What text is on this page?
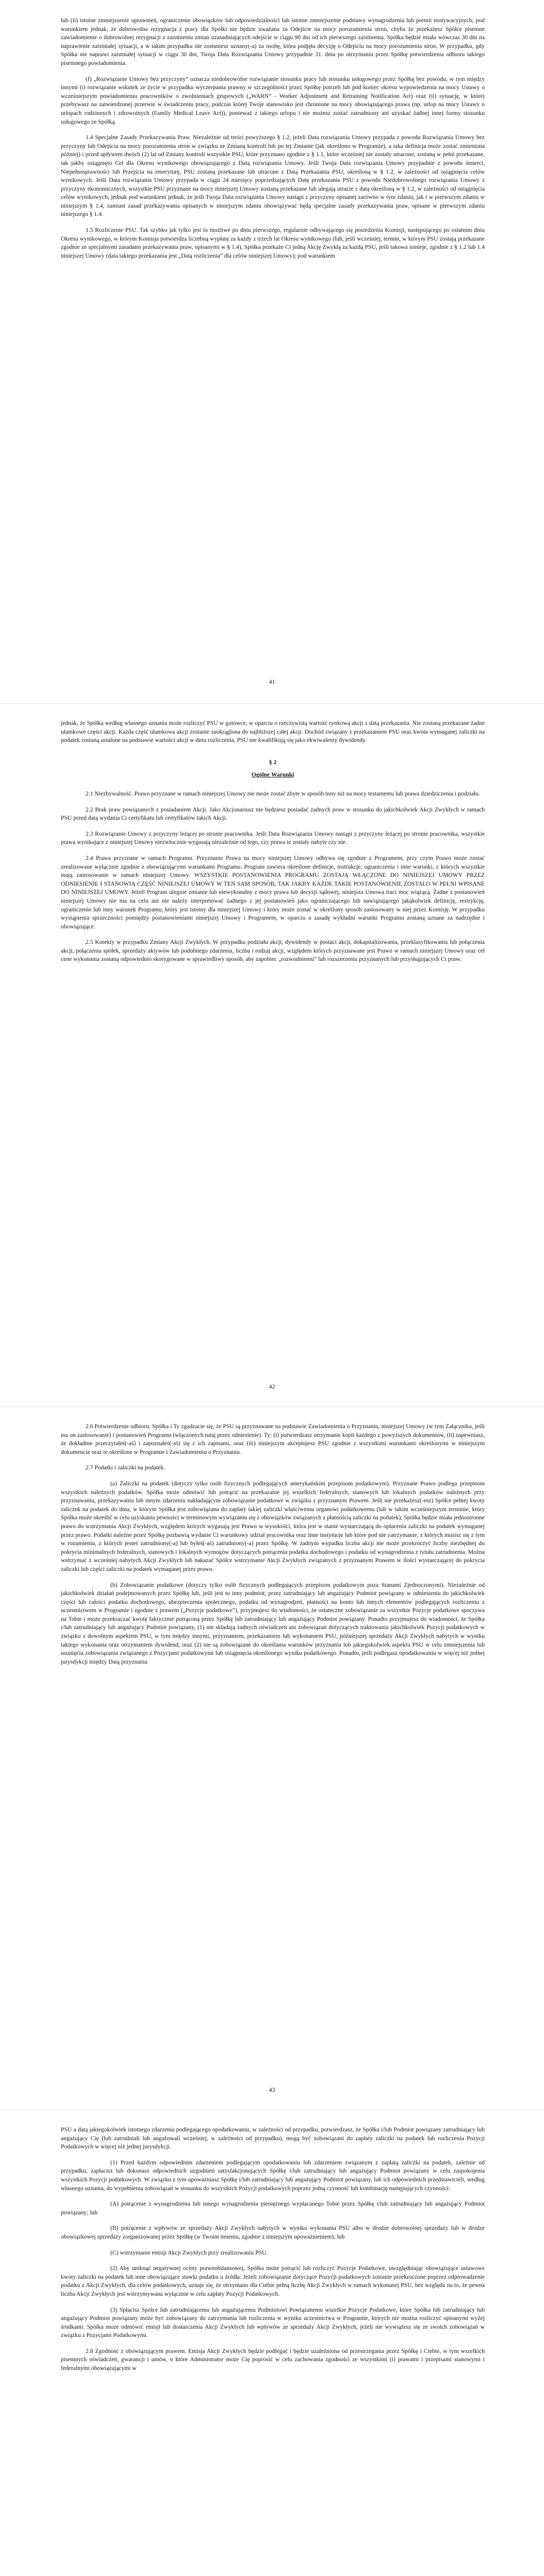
lub (ii) istotne zmniejszenie uprawnień, ograniczenie obowiązków lub odpowiedzialności lub istotne zmniejszenie podstawy wynagrodzenia lub premii motywacyjnych; pod warunkiem jednak, że dobrowolna rezygnacja z pracy dla Spółki nie będzie uważana za Odejście na mocy porozumienia stron, chyba że przekażesz Spółce pisemne zawiadomienie o dobrowolnej rezygnacji z zaistnieniu zmian uzasadniających odejście w ciągu 90 dni od ich pierwszego zaistnienia. Spółka będzie miała wówczas 30 dni na naprawienie zaistniałej sytuacji, a w takim przypadku nie zostaniesz uznany(-a) za osobę, która podjęła decyzję o Odejściu na mocy porozumienia stron. W przypadku, gdy Spółka nie naprawi zaistniałej sytuacji w ciągu 30 dni, Twoja Data Rozwiązania Umowy przypadnie 31. dnia po otrzymaniu przez Spółkę potwierdzenia odbioru takiego pisemnego powiadomienia.

(f) „Rozwiązanie Umowy bez przyczyny” oznacza niedobrowolne rozwiązanie stosunku pracy lub stosunku usługowego przez Spółkę bez powodu, w tym między innymi (i) rozwiązanie wskutek ze życie w przypadku wyczerpania prawny w szczególności przez Spółkę potrzeb lub pod koniec okresu wypowiedzenia na mocy Ustawy o wcześniejszym powiadomieniu pracowników o zwolnieniach grupowych („WARN” - Worker Adjustment and Retraining Notification Act) oraz (ii) sytuację, w której przebywasz na zatwierdzonej przerwie w świadczeniu pracy, podczas której Twoje stanowisko jest chronione na mocy obowiązującego prawa (np. urlop na mocy Ustawy o urlopach rodzinnych i zdrowotnych (Family Medical Leave Act)), ponieważ z takiego urlopu i nie możesz zostać zatrudniony ani uzyskać żadnej innej formy stosunku usługowego ze Spółką.

1.4 Specjalne Zasady Przekazywania Praw. Niezależnie od treści powyższego § 1.2, jeżeli Data rozwiązania Umowy przypada z powodu Rozwiązania Umowy bez przyczyny lub Odejścia na mocy porozumienia stron w związku ze Zmianą kontroli lub po tej Zmianie (jak określono w Programie), a taka definicja może zostać zmieniona później) i przed upływem dwóch (2) lat od Zmiany kontroli wszystkie PSU, które przyznano zgodnie z § 1.1, które wcześniej nie zostały utracone, zostaną w pełni przekazane, tak jakby osiągnięto Cel dla Okresu wynikowego obowiązującego z Datą rozwiązania Umowy. Jeśli Twoja Data rozwiązania Umowy przypadnie z powodu śmierci, Niepełnosprawności lub Przejścia na emeryturę, PSU zostaną przekazane lub utracone z Datą Przekazania PSU, określoną w § 1.2, w zależności od osiągnięcia celów wynikowych. Jeśli Data rozwiązania Umowy przypada w ciągu 24 miesięcy poprzedzających Datę przekazania PSU z powodu Niedobrowolnego rozwiązania Umowy z przyczyny ekonomicznych, wszystkie PSU przyznane na mocy niniejszej Umowy zostaną przekazane lub ulegają utracie z datą określoną w § 1.2, w zależności od osiągnięcia celów wynikowych; jednak pod warunkiem jednak, że jeśli Twoja Data rozwiązania Umowy nastąpi z przyczyny opisanej zarówno w tym zdaniu, jak i w pierwszym zdaniu w niniejszym § 1.4, zamiast zasad przekazywania opisanych w niniejszym zdaniu obowiązywać będą specjalne zasady przekazywania praw, opisane w pierwszym zdaniu niniejszego § 1.4.

1.5 Rozliczenie PSU. Tak szybko jak tylko jest to możliwe po dniu pierwszego, regularnie odbywającego się posiedzenia Komisji, następującego po ostatnim dniu Okresu wynikowego, w którym Komisja potwierdza liczebną wypłatę za każdy z trzech lat Okresu wynikowego (lub, jeśli wcześniej, termin, w którym PSU zostają przekazane zgodnie ze specjalnymi zasadami przekazywania praw, opisanymi w § 1.4), Spółka przekaże Ci jedną Akcję Zwykłą za każdą PSU, jeśli takowa istnieje, zgodnie z § 1.2 lub 1.4 niniejszej Umowy (data takiego przekazania jest „Datą rozliczenia” dla celów niniejszej Umowy); pod warunkiem

41

jednak, że Spółka według własnego uznania może rozliczyć PSU w gotówce, w oparciu o rzeczywistą wartość rynkową akcji z datą przekazania. Nie zostaną przekazane żadne ułamkowe części akcji. Każda część ułamkowa akcji zostanie zaokrąglona do najbliższej całej akcji. Dochód związany z przekazaniem PSU oraz kwota wymaganej zaliczki na podatek zostaną ustalone na podstawie wartości akcji w dniu rozliczenia, PSU nie kwalifikują się jako ekwiwalenty dywidendy.

§ 2
Ogólne Warunki

2.1 Niezbywalność. Prawo przyznane w ramach niniejszej Umowy nie może zostać zbyte w sposób inny niż na mocy testamentu lub prawa dziedziczenia i podziału.

2.2 Brak praw powiązanych z posiadaniem Akcji. Jako Akcjonariusz nie będziesz posiadać żadnych praw w stosunku do jakichkolwiek Akcji Zwykłych w ramach PSU przed datą wydania Ci certyfikatu lub certyfikatów takich Akcji.

2.3 Rozwiązanie Umowy z przyczyny leżącej po stronie pracownika. Jeśli Data Rozwiązania Umowy nastąpi z przyczyny leżącej po stronie pracownika, wszystkie prawa wynikające z niniejszej Umowy niezwłocznie wygasają niezależnie od tego, czy prawa te zostały nabyte czy nie.

2.4 Prawa przyznane w ramach Programu. Przyznanie Prawa na mocy niniejszej Umowy odbywa się zgodnie z Programem, przy czym Prawo może zostać zrealizowane wyłącznie zgodnie z obowiązującymi warunkami Programu. Program zawiera określone definicje, instrukcje, ograniczenia i inne warunki, z których wszystkie mają zastosowanie w ramach niniejszej Umowy. WSZYSTKIE POSTANOWIENIA PROGRAMU ZOSTAJĄ WŁĄCZONE DO NINIEJSZEJ UMOWY PRZEZ ODNIESIENIE I STANOWIĄ CZĘŚĆ NINIEJSZEJ UMOWY W TEN SAM SPOSÓB, TAK JAKBY KAŻDE TAKIE POSTANOWIENIE ZOSTAŁO W PEŁNI WPISANE DO NINIEJSZEJ UMOWY. Jeżeli Program ulegnie zmianie lub niewykonalny z mocy prawa lub decyzji sądowej, niniejsza Umowa traci moc wiążącą. Żadne z postanowień niniejszej Umowy nie ma na celu ani nie należy interpretować żadnego z jej postanowień jako ograniczającego lub nawiązującego jakąkolwiek definicję, restrykcję, ograniczenie lub inny warunek Programu, który jest istotny dla niniejszej Umowy i który może zostać w określony sposób zastosowany w niej przez Komisję. W przypadku wystąpienia sprzeczności pomiędzy postanowieniami niniejszej Umowy i Programem, w oparciu o zasadę wykładni warunki Programu zostaną uznane za nadrzędne i obowiązujące.

2.5 Korekty w przypadku Zmiany Akcji Zwykłych. W przypadku podziału akcji, dywidendy w postaci akcji, dokapitalizowania, przeklasyfikowania lub połączenia akcji, połączenia spółek, sprzedaży aktywów lub podobnego zdarzenia, liczba i rodzaj akcji, względem których przyznawane jest Prawo w ramach niniejszej Umowy oraz ceł cene wykonania zostaną odpowiednio skorygowane w sprawiedliwy sposób, aby zapobiec „rozwodnieniu” lub rozszerzeniu przyznanych lub przysługujących Ci praw.

42

2.6 Potwierdzenie odbioru. Spółka i Ty zgadzacie się, że PSU są przyznawane na podstawie Zawiadomienia o Przyznaniu, niniejszej Umowy (w tym Załącznika, jeśli ma on zastosowanie) i postanowień Programu (włączonych tutaj przez odniesienie). Ty: (i) potwierdzasz otrzymanie kopii każdego z powyższych dokumentów, (ii) zapewniasz, że dokładnie przeczytałeś(-aś) i zapoznałeś(-aś) się z ich zapisami, oraz (iii) niniejszym akceptujesz PSU zgodnie z wszystkimi warunkami określonymi w niniejszym dokumencie oraz te określone w Programie i Zawiadomieniu o Przyznaniu.

2.7 Podatki i zaliczki na podatek.

(a) Zaliczki na podatek (dotyczy tylko osób fizycznych podlegających amerykańskim przepisom podatkowym). Przyznane Prawo podlega przepisom wszystkich należnych podatków. Spółka może odmówić lub potrącić na przekazanie jej wszelkich federalnych, stanowych lub lokalnych podatków należnych przy przyznawaniu, przekazywaniu lub innym zdarzeniu nakładającym zobowiązanie podatkowe w związku z przyznanym Prawem. Jeśli nie przekażesz(-esz) Spółce pełnej kwoty zaliczek na podatek do dnia, w którym Spółka jest zobowiązana do zapłaty takiej zaliczki właściwemu organowi podatkowemu (lub w takim wcześniejszym terminie, który Spółka może określić w celu uzyskania pewności w terminowym wywiązaniu się z obowiązków związanych z płatnością zaliczki na podatek), Spółka będzie miała jednostronne prawo do wstrzymania Akcji Zwykłych, względem których wygasają jest Prawo w wysokości, która jest w stanie wystarczającą do opłacenia zaliczki na podatek wymaganej przez prawo. Podatki należne przez Spółkę pozbawią wydanie Ci warunkowy udział pracownika oraz inne instytucje lub które pod nie zatrzymanie, z których musisz się z tym w rozumieniu, z których jesteś zatrudniony(-a) lub byłeś(-aś) zatrudniony(-a) przez Spółkę. W żadnym wypadku liczba akcji nie może przekroczyć liczby niezbędnej do pokrycia minimalnych federalnych, stanowych i lokalnych wymogów dotyczących potrącenia podatku dochodowego i podatku od wynagrodzenia z tytułu zatrudnienia. Można wstrzymać z wcześniej nabytych Akcji Zwykłych lub nakazać Spółce wstrzymanie Akcji Zwykłych związanych z przyznanym Prawem w ilości wystarczającej do pokrycia zaliczki lub części zaliczki na podatek wymaganej przez prawo.

(b) Zobowiązanie podatkowe (dotyczy tylko osób fizycznych podlegających przepisom podatkowym poza Stanami Zjednoczonymi). Niezależnie od jakichkolwiek działań podejmowanych przez Spółkę lub, jeśli jest to inny podmiot, przez zatrudniający lub angażujący Podmiot powiązany w odniesieniu do jakichkolwiek części lub całości podatku dochodowego, ubezpieczenia społecznego, podatku od wynagrodzeń, płatności na konto lub innych elementów podlegających rozliczeniu z uczestnictwem w Programie i zgodnie z prawem („Pozycje podatkowe”), przyjmujesz do wiadomości, że ostateczne zobowiązanie za wszystkie Pozycje podatkowe spoczywa na Tobie i może przekraczać kwotę faktycznie potrąconą przez Spółkę lub zatrudniający lub angażujący Podmiot powiązany. Ponadto przyjmujesz do wiadomości, że Spółka i/lub zatrudniający lub angażujący Podmiot powiązany, (1) nie składają żadnych oświadczeń ani zobowiązań dotyczących traktowania jakichkolwiek Pozycji podatkowych w związku z dowolnym aspektem PSU, w tym między innymi, przyznaniem, przekazaniem lub wykonaniem PSU, późniejszej sprzedaży Akcji Zwykłych nabytych w wyniku takiego wykonania oraz otrzymaniem dywidend; oraz (2) nie są zobowiązane do określania warunków przyznania lub jakiegokolwiek aspektu PSU w celu zmniejszenia lub usunięcia zobowiązania związanego z Pozycjami podatkowymi lub osiągnięcia określonego wyniku podatkowego. Ponadto, jeśli podlegasz opodatkowaniu w więcej niż jednej jurysdykcji między Datą przyznania

43

PSU a datą jakiegokolwiek istotnego zdarzenia podlegającego opodatkowaniu, w zależności od przypadku, potwierdzasz, że Spółka i/lub Podmiot powiązany zatrudniający lub angażujący Cię (lub zatrudniali lub angażowali wcześniej, w zależności od przypadku), mogą być zobowiązani do zapłaty zaliczki na podatek lub rozliczenia Pozycji Podatkowych w więcej niż jednej jurysdykcji.

(1) Przed każdym odpowiednim zdarzeniem podlegającym opodatkowaniu lub zdarzeniem związanym z zapłatą zaliczki na podatek, zależnie od przypadku, zapłacisz lub dokonasz odpowiednich uzgodnień satysfakcjonujących Spółkę i/lub zatrudniający lub angażujący Podmiot powiązany w celu zaspokojenia wszystkich Pozycji podatkowych. W związku z tym upoważniasz Spółkę i/lub zatrudniający lub angażujący Podmiot powiązany, lub ich odpowiednich przedstawicieli, według własnego uznania, do wypełnienia zobowiązań w stosunku do wszystkich Pozycji podatkowych poprzez jedną czynność lub kombinację następujących czynności:

(A) potrącenie z wynagrodzenia lub innego wynagrodzenia pieniężnego wypłacanego Tobie przez Spółkę i/lub zatrudniający lub angażujący Podmiot powiązany; lub

(B) potrącenie z wpływów ze sprzedaży Akcji Zwykłych nabytych w wyniku wykonania PSU albo w drodze dobrowolnej sprzedaży lub w drodze obowiązkowej sprzedaży zorganizowanej przez Spółkę (w Twoim imieniu, zgodnie z niniejszym upoważnieniem); lub

(C) wstrzymanie emisji Akcji Zwykłych przy zrealizowaniu PSU.

(2) Aby uniknąć negatywnej oceny prawnobilansowej, Spółka może potrącić lub rozliczyć Pozycje Podatkowe, uwzględniając obowiązujące ustawowe kwoty zaliczki na podatek lub inne obowiązujące stawki podatku u źródła. Jeżeli zobowiązanie dotyczące Pozycji podatkowych zostanie przekroczone poprzez odprowadzenie podatku z Akcji Zwykłych, dla celów podatkowych, uznaje się, że otrzymano dla Ciebie pełną liczbę Akcji Zwykłych w ramach wykonanej PSU, bez względu na to, że pewna liczba Akcji Zwykłych jest wstrzymywana wyłącznie w celu zapłaty Pozycji Podatkowych.

(3) Spłacisz Spółce lub zatrudniającemu lub angażującemu Podmiotowi Powiązanemu wszelkie Pozycje Podatkowe, które Spółka lub zatrudniający lub angażujący Podmiot powiązany może być zobowiązany do zatrzymania lub rozliczenia w wyniku uczestnictwa w Programie, których nie można rozliczyć opisanymi wyżej środkami. Spółka może odmówić emisji lub dostarczenia Akcji Zwykłych lub wpływów ze sprzedaży Akcji Zwykłych, jeżeli nie wywiążesz się ze swoich zobowiązań w związku z Pozycjami Podatkowymi.

2.8 Zgodność z obowiązującym prawem. Emisja Akcji Zwykłych będzie podlegać i będzie uzależniona od przestrzegania przez Spółkę i Ciebie, w tym wszelkich pisemnych oświadczeń, gwarancji i umów, o które Administrator może Cię poprosić w celu zachowania zgodności ze wszystkimi (i) prawami i przepisami stanowymi i federalnymi obowiązującymi w
